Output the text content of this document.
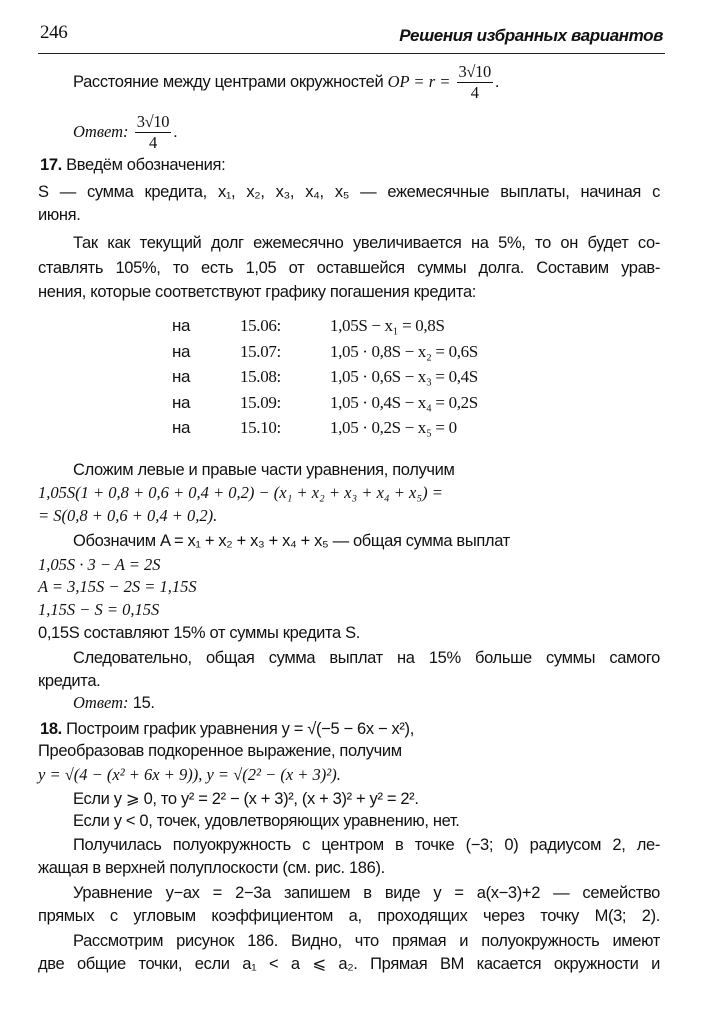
246	Решения избранных вариантов
Расстояние между центрами окружностей OP = $r = \frac{3√10}{4}$ .
Ответ: $\frac{3√10}{4}$ .
17. Введём обозначения:
S — сумма кредита, x₁, x₂, x₃, x₄, x₅ — ежемесячные выплаты, начиная с
июня.
Так как текущий долг ежемесячно увеличивается на 5%, то он будет со-
ставлять 105%, то есть 1,05 от оставшейся суммы долга. Составим урав-
нения, которые соответствуют графику погашения кредита:
на	15.06:	1,05S − x₁ = 0,8S
на	15.07:	1,05 · 0,8S − x₂ = 0,6S
на	15.08:	1,05 · 0,6S − x₃ = 0,4S
на	15.09:	1,05 · 0,4S − x₄ = 0,2S
на	15.10:	1,05 · 0,2S − x₅ = 0
Сложим левые и правые части уравнения, получим
1,05S(1 + 0,8 + 0,6 + 0,4 + 0,2) − (x₁ + x₂ + x₃ + x₄ + x₅) =
= S(0,8 + 0,6 + 0,4 + 0,2).
Обозначим A = x₁ + x₂ + x₃ + x₄ + x₅ — общая сумма выплат
1,05S · 3 − A = 2S
A = 3,15S − 2S = 1,15S
1,15S − S = 0,15S
0,15S составляют 15% от суммы кредита S.
Следовательно, общая сумма выплат на 15% больше суммы самого
кредита.
Ответ: 15.
18. Построим график уравнения y = √(−5 − 6x − x²),
Преобразовав подкоренное выражение, получим
y = √(4 − (x² + 6x + 9)), y = √(2² − (x + 3)²).
Если y ⩾ 0, то y² = 2² − (x + 3)², (x + 3)² + y² = 2².
Если y < 0, точек, удовлетворяющих уравнению, нет.
Получилась полуокружность с центром в точке (−3; 0) радиусом 2, ле-
жащая в верхней полуплоскости (см. рис. 186).
Уравнение y−ax = 2−3a запишем в виде y = a(x−3)+2 — семейство
прямых с угловым коэффициентом a, проходящих через точку M(3; 2).
Рассмотрим рисунок 186. Видно, что прямая и полуокружность имеют
две общие точки, если a₁ < a ⩽ a₂. Прямая BM касается окружности и
